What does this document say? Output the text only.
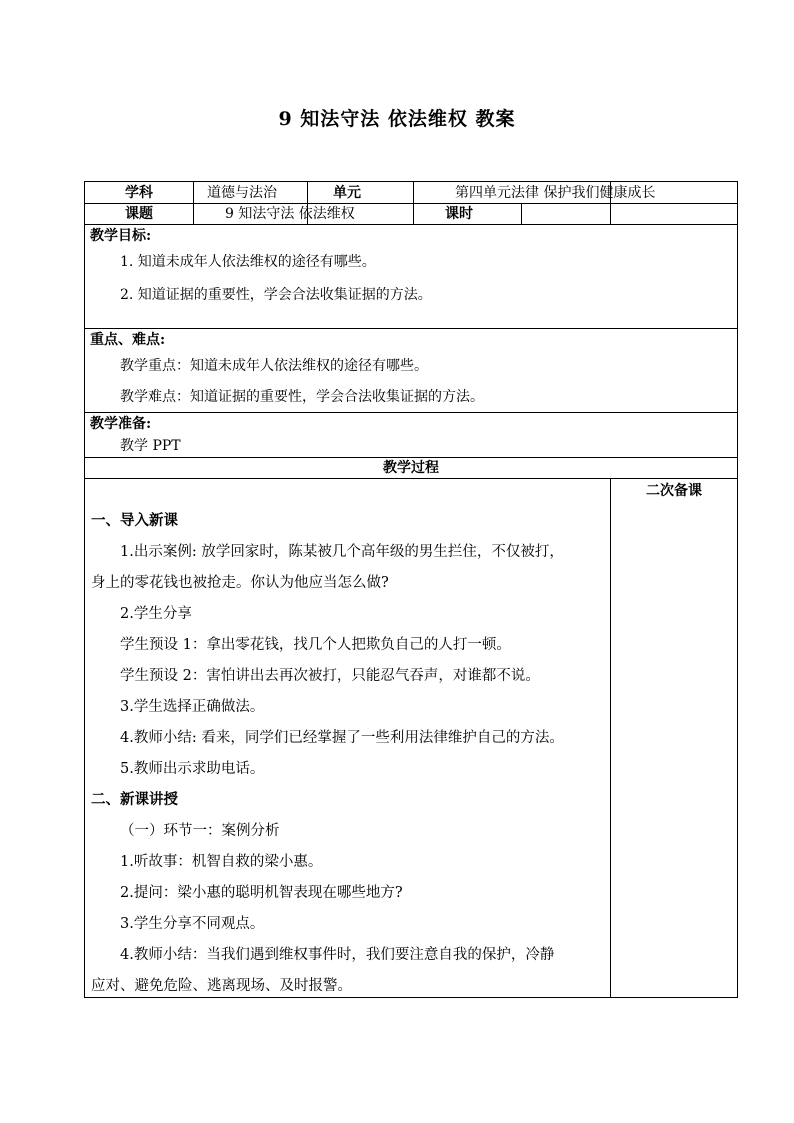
9 知法守法 依法维权 教案
学科	道德与法治	单元	第四单元法律 保护我们健康成长
课题	9 知法守法 依法维权	课时
教学目标:
1. 知道未成年人依法维权的途径有哪些。
2. 知道证据的重要性，学会合法收集证据的方法。
重点、难点:
教学重点：知道未成年人依法维权的途径有哪些。
教学难点：知道证据的重要性，学会合法收集证据的方法。
教学准备:
教学 PPT
教学过程
二次备课
一、导入新课
1.出示案例: 放学回家时，陈某被几个高年级的男生拦住，不仅被打，
身上的零花钱也被抢走。你认为他应当怎么做?
2.学生分享
学生预设 1：拿出零花钱，找几个人把欺负自己的人打一顿。
学生预设 2：害怕讲出去再次被打，只能忍气吞声，对谁都不说。
3.学生选择正确做法。
4.教师小结: 看来，同学们已经掌握了一些利用法律维护自己的方法。
5.教师出示求助电话。
二、新课讲授
（一）环节一：案例分析
1.听故事：机智自救的梁小惠。
2.提问：梁小惠的聪明机智表现在哪些地方?
3.学生分享不同观点。
4.教师小结：当我们遇到维权事件时，我们要注意自我的保护，冷静
应对、避免危险、逃离现场、及时报警。
